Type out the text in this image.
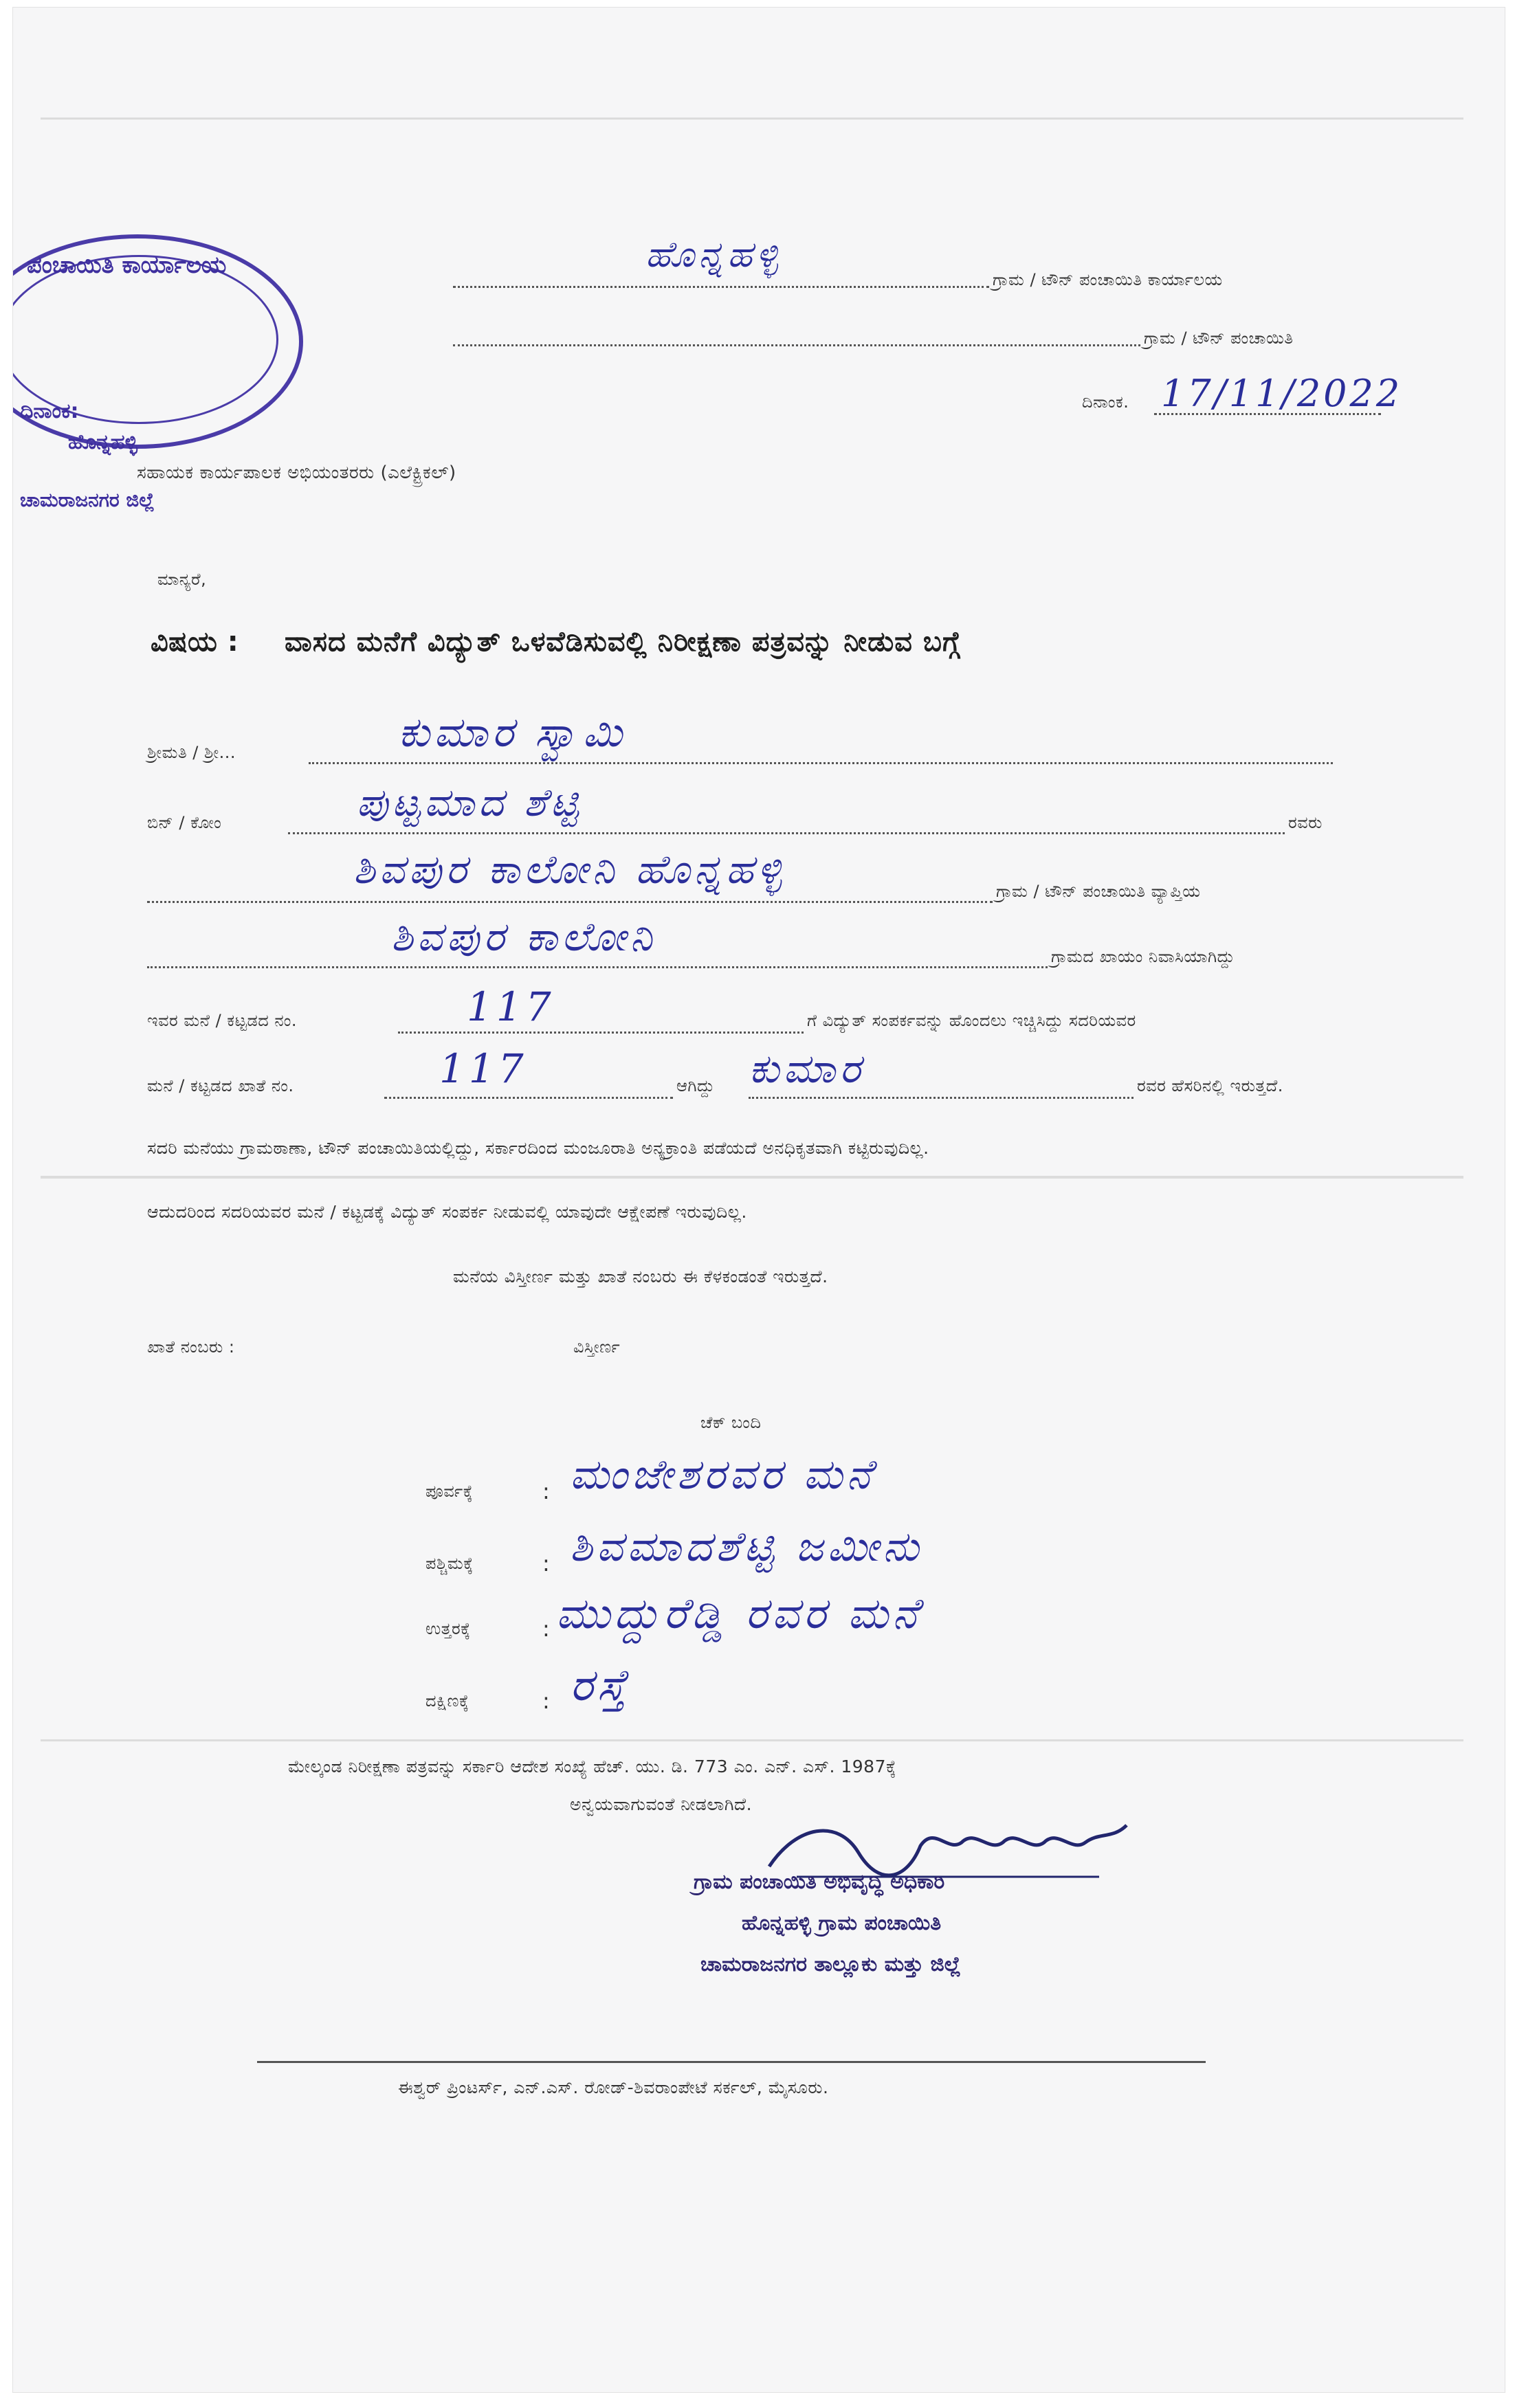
ಪಂಚಾಯಿತಿ ಕಾರ್ಯಾಲಯ
ದಿನಾಂಕ:
ಹೊನ್ನಹಳ್ಳಿ
ಚಾಮರಾಜನಗರ ಜಿಲ್ಲೆ
ಹೊನ್ನಹಳ್ಳಿ
ಗ್ರಾಮ / ಟೌನ್ ಪಂಚಾಯಿತಿ ಕಾರ್ಯಾಲಯ
ಗ್ರಾಮ / ಟೌನ್ ಪಂಚಾಯಿತಿ
ದಿನಾಂಕ. 17/11/2022
ಸಹಾಯಕ ಕಾರ್ಯಪಾಲಕ ಅಭಿಯಂತರರು (ಎಲೆಕ್ಟ್ರಿಕಲ್)
ಮಾನ್ಯರೆ,
ವಿಷಯ : ವಾಸದ ಮನೆಗೆ ವಿದ್ಯುತ್ ಒಳವೆಡಿಸುವಲ್ಲಿ ನಿರೀಕ್ಷಣಾ ಪತ್ರವನ್ನು ನೀಡುವ ಬಗ್ಗೆ
ಶ್ರೀಮತಿ / ಶ್ರೀ...	ಕುಮಾರ ಸ್ವಾಮಿ
ಬಿನ್ / ಕೋಂ	ಪುಟ್ಟಮಾದ ಶೆಟ್ಟಿ	ರವರು
ಶಿವಪುರ ಕಾಲೋನಿ ಹೊನ್ನಹಳ್ಳಿ	ಗ್ರಾಮ / ಟೌನ್ ಪಂಚಾಯಿತಿ ವ್ಯಾಪ್ತಿಯ
ಶಿವಪುರ ಕಾಲೋನಿ	ಗ್ರಾಮದ ಖಾಯಂ ನಿವಾಸಿಯಾಗಿದ್ದು
ಇವರ ಮನೆ / ಕಟ್ಟಡದ ನಂ.	117	ಗೆ ವಿದ್ಯುತ್ ಸಂಪರ್ಕವನ್ನು ಹೊಂದಲು ಇಚ್ಚಿಸಿದ್ದು ಸದರಿಯವರ
ಮನೆ / ಕಟ್ಟಡದ ಖಾತೆ ನಂ.	117	ಆಗಿದ್ದು ಕುಮಾರ	ರವರ ಹೆಸರಿನಲ್ಲಿ ಇರುತ್ತದೆ.
ಸದರಿ ಮನೆಯು ಗ್ರಾಮಠಾಣಾ, ಟೌನ್ ಪಂಚಾಯಿತಿಯಲ್ಲಿದ್ದು, ಸರ್ಕಾರದಿಂದ ಮಂಜೂರಾತಿ ಅನ್ಯಕ್ರಾಂತಿ ಪಡೆಯದೆ ಅನಧಿಕೃತವಾಗಿ ಕಟ್ಟಿರುವುದಿಲ್ಲ.
ಆದುದರಿಂದ ಸದರಿಯವರ ಮನೆ / ಕಟ್ಟಡಕ್ಕೆ ವಿದ್ಯುತ್ ಸಂಪರ್ಕ ನೀಡುವಲ್ಲಿ ಯಾವುದೇ ಆಕ್ಷೇಪಣೆ ಇರುವುದಿಲ್ಲ.
ಮನೆಯ ವಿಸ್ತೀರ್ಣ ಮತ್ತು ಖಾತೆ ನಂಬರು ಈ ಕೆಳಕಂಡಂತೆ ಇರುತ್ತದೆ.
ಖಾತೆ ನಂಬರು :	ವಿಸ್ತೀರ್ಣ
ಚೆಕ್ ಬಂದಿ
ಪೂರ್ವಕ್ಕೆ	: ಮಂಜೇಶರವರ ಮನೆ
ಪಶ್ಚಿಮಕ್ಕೆ	: ಶಿವಮಾದಶೆಟ್ಟಿ ಜಮೀನು
ಉತ್ತರಕ್ಕೆ	: ಮುದ್ದುರೆಡ್ಡಿ ರವರ ಮನೆ
ದಕ್ಷಿಣಕ್ಕೆ	: ರಸ್ತೆ
ಮೇಲ್ಕಂಡ ನಿರೀಕ್ಷಣಾ ಪತ್ರವನ್ನು ಸರ್ಕಾರಿ ಆದೇಶ ಸಂಖ್ಯೆ ಹೆಚ್. ಯು. ಡಿ. 773 ಎಂ. ಎನ್. ಎಸ್. 1987ಕ್ಕೆ
ಅನ್ವಯವಾಗುವಂತೆ ನೀಡಲಾಗಿದೆ.
ಗ್ರಾಮ ಪಂಚಾಯಿತಿ ಅಭಿವೃದ್ಧಿ ಅಧಿಕಾರಿ
ಹೊನ್ನಹಳ್ಳಿ ಗ್ರಾಮ ಪಂಚಾಯಿತಿ
ಚಾಮರಾಜನಗರ ತಾಲ್ಲೂಕು ಮತ್ತು ಜಿಲ್ಲೆ
ಈಶ್ವರ್ ಪ್ರಿಂಟರ್ಸ್, ಎನ್.ಎಸ್. ರೋಡ್-ಶಿವರಾಂಪೇಟೆ ಸರ್ಕಲ್, ಮೈಸೂರು.
